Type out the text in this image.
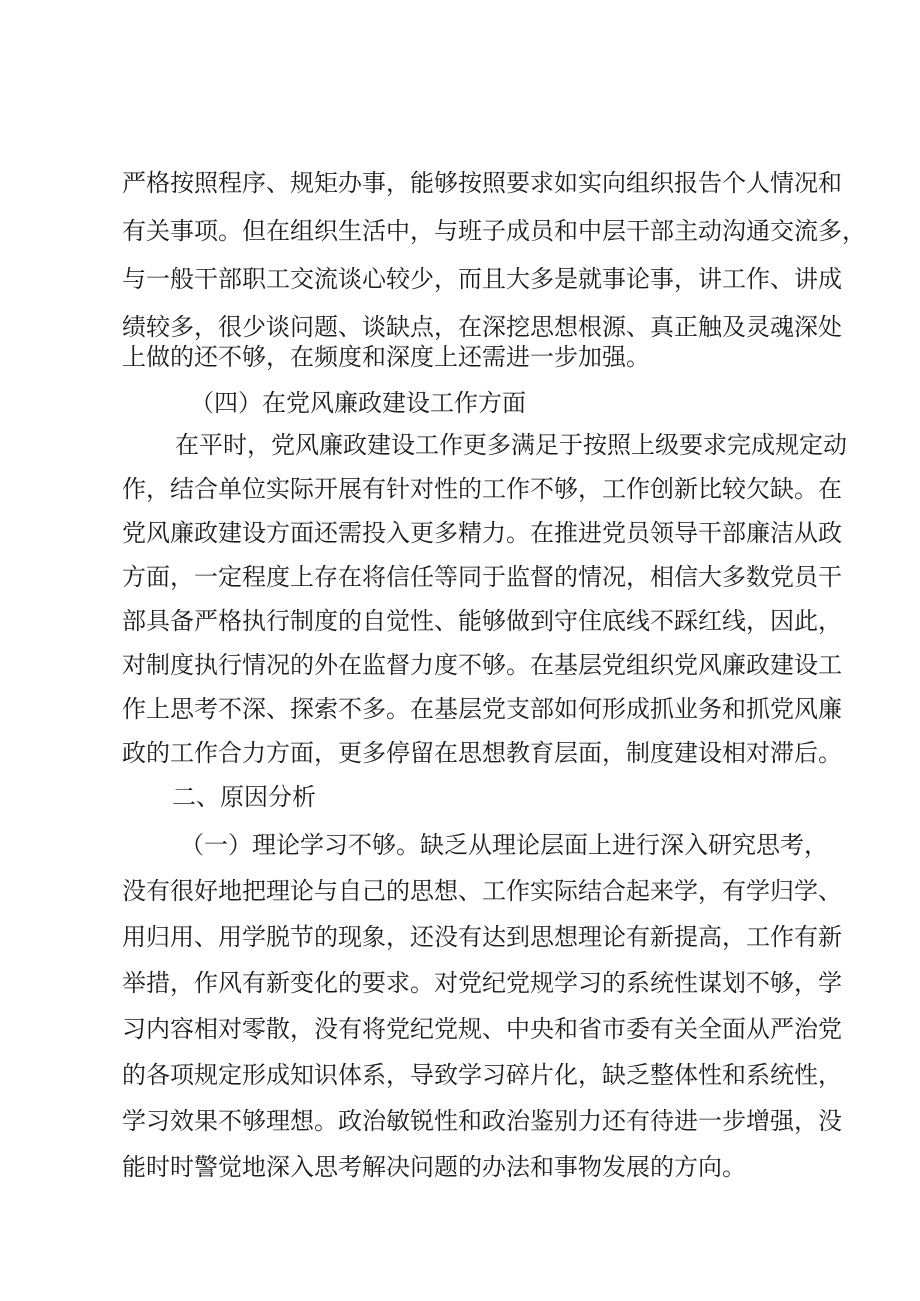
严格按照程序、规矩办事，能够按照要求如实向组织报告个人情况和
有关事项。但在组织生活中，与班子成员和中层干部主动沟通交流多，
与一般干部职工交流谈心较少，而且大多是就事论事，讲工作、讲成
绩较多，很少谈问题、谈缺点，在深挖思想根源、真正触及灵魂深处
上做的还不够，在频度和深度上还需进一步加强。
（四）在党风廉政建设工作方面
在平时，党风廉政建设工作更多满足于按照上级要求完成规定动
作，结合单位实际开展有针对性的工作不够，工作创新比较欠缺。在
党风廉政建设方面还需投入更多精力。在推进党员领导干部廉洁从政
方面，一定程度上存在将信任等同于监督的情况，相信大多数党员干
部具备严格执行制度的自觉性、能够做到守住底线不踩红线，因此，
对制度执行情况的外在监督力度不够。在基层党组织党风廉政建设工
作上思考不深、探索不多。在基层党支部如何形成抓业务和抓党风廉
政的工作合力方面，更多停留在思想教育层面，制度建设相对滞后。
二、原因分析
（一）理论学习不够。缺乏从理论层面上进行深入研究思考，
没有很好地把理论与自己的思想、工作实际结合起来学，有学归学、
用归用、用学脱节的现象，还没有达到思想理论有新提高，工作有新
举措，作风有新变化的要求。对党纪党规学习的系统性谋划不够，学
习内容相对零散，没有将党纪党规、中央和省市委有关全面从严治党
的各项规定形成知识体系，导致学习碎片化，缺乏整体性和系统性，
学习效果不够理想。政治敏锐性和政治鉴别力还有待进一步增强，没
能时时警觉地深入思考解决问题的办法和事物发展的方向。
